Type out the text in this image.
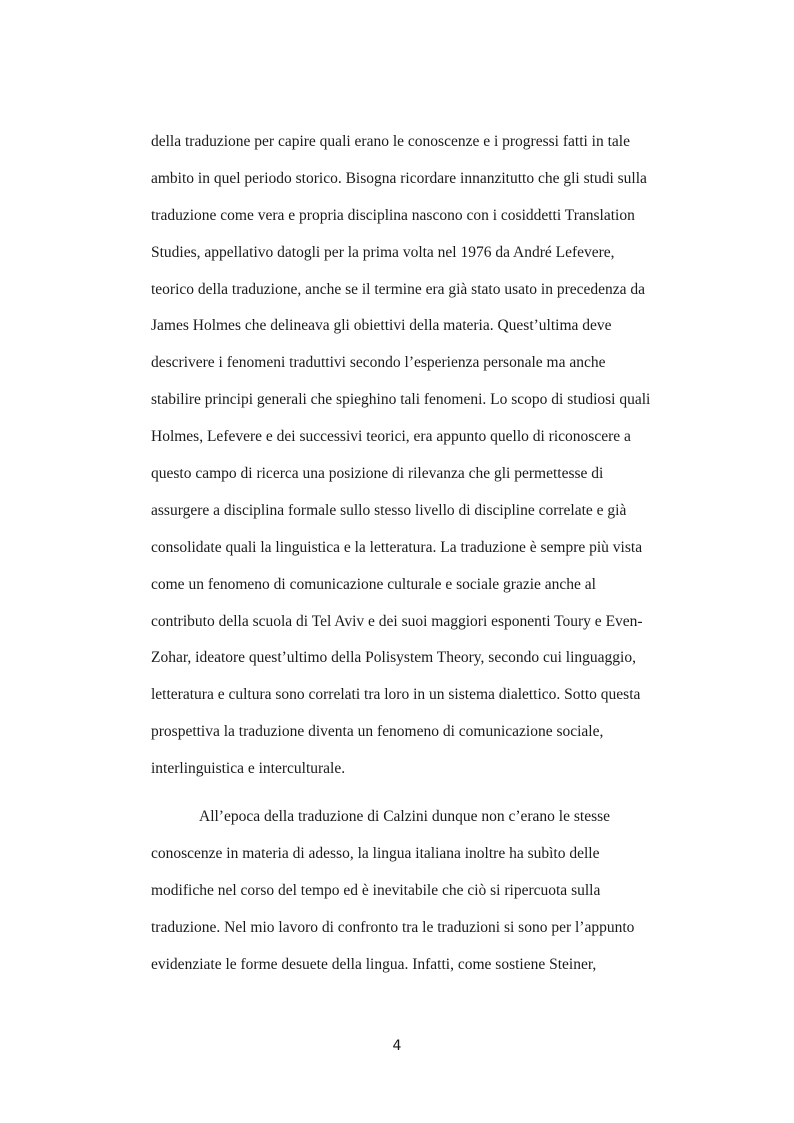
della traduzione per capire quali erano le conoscenze e i progressi fatti in tale
ambito in quel periodo storico. Bisogna ricordare innanzitutto che gli studi sulla
traduzione come vera e propria disciplina nascono con i cosiddetti Translation
Studies, appellativo datogli per la prima volta nel 1976 da André Lefevere,
teorico della traduzione, anche se il termine era già stato usato in precedenza da
James Holmes che delineava gli obiettivi della materia. Quest’ultima deve
descrivere i fenomeni traduttivi secondo l’esperienza personale ma anche
stabilire principi generali che spieghino tali fenomeni. Lo scopo di studiosi quali
Holmes, Lefevere e dei successivi teorici, era appunto quello di riconoscere a
questo campo di ricerca una posizione di rilevanza che gli permettesse di
assurgere a disciplina formale sullo stesso livello di discipline correlate e già
consolidate quali la linguistica e la letteratura. La traduzione è sempre più vista
come un fenomeno di comunicazione culturale e sociale grazie anche al
contributo della scuola di Tel Aviv e dei suoi maggiori esponenti Toury e Even-
Zohar, ideatore quest’ultimo della Polisystem Theory, secondo cui linguaggio,
letteratura e cultura sono correlati tra loro in un sistema dialettico. Sotto questa
prospettiva la traduzione diventa un fenomeno di comunicazione sociale,
interlinguistica e interculturale.
All’epoca della traduzione di Calzini dunque non c’erano le stesse
conoscenze in materia di adesso, la lingua italiana inoltre ha subìto delle
modifiche nel corso del tempo ed è inevitabile che ciò si ripercuota sulla
traduzione. Nel mio lavoro di confronto tra le traduzioni si sono per l’appunto
evidenziate le forme desuete della lingua. Infatti, come sostiene Steiner,
4
